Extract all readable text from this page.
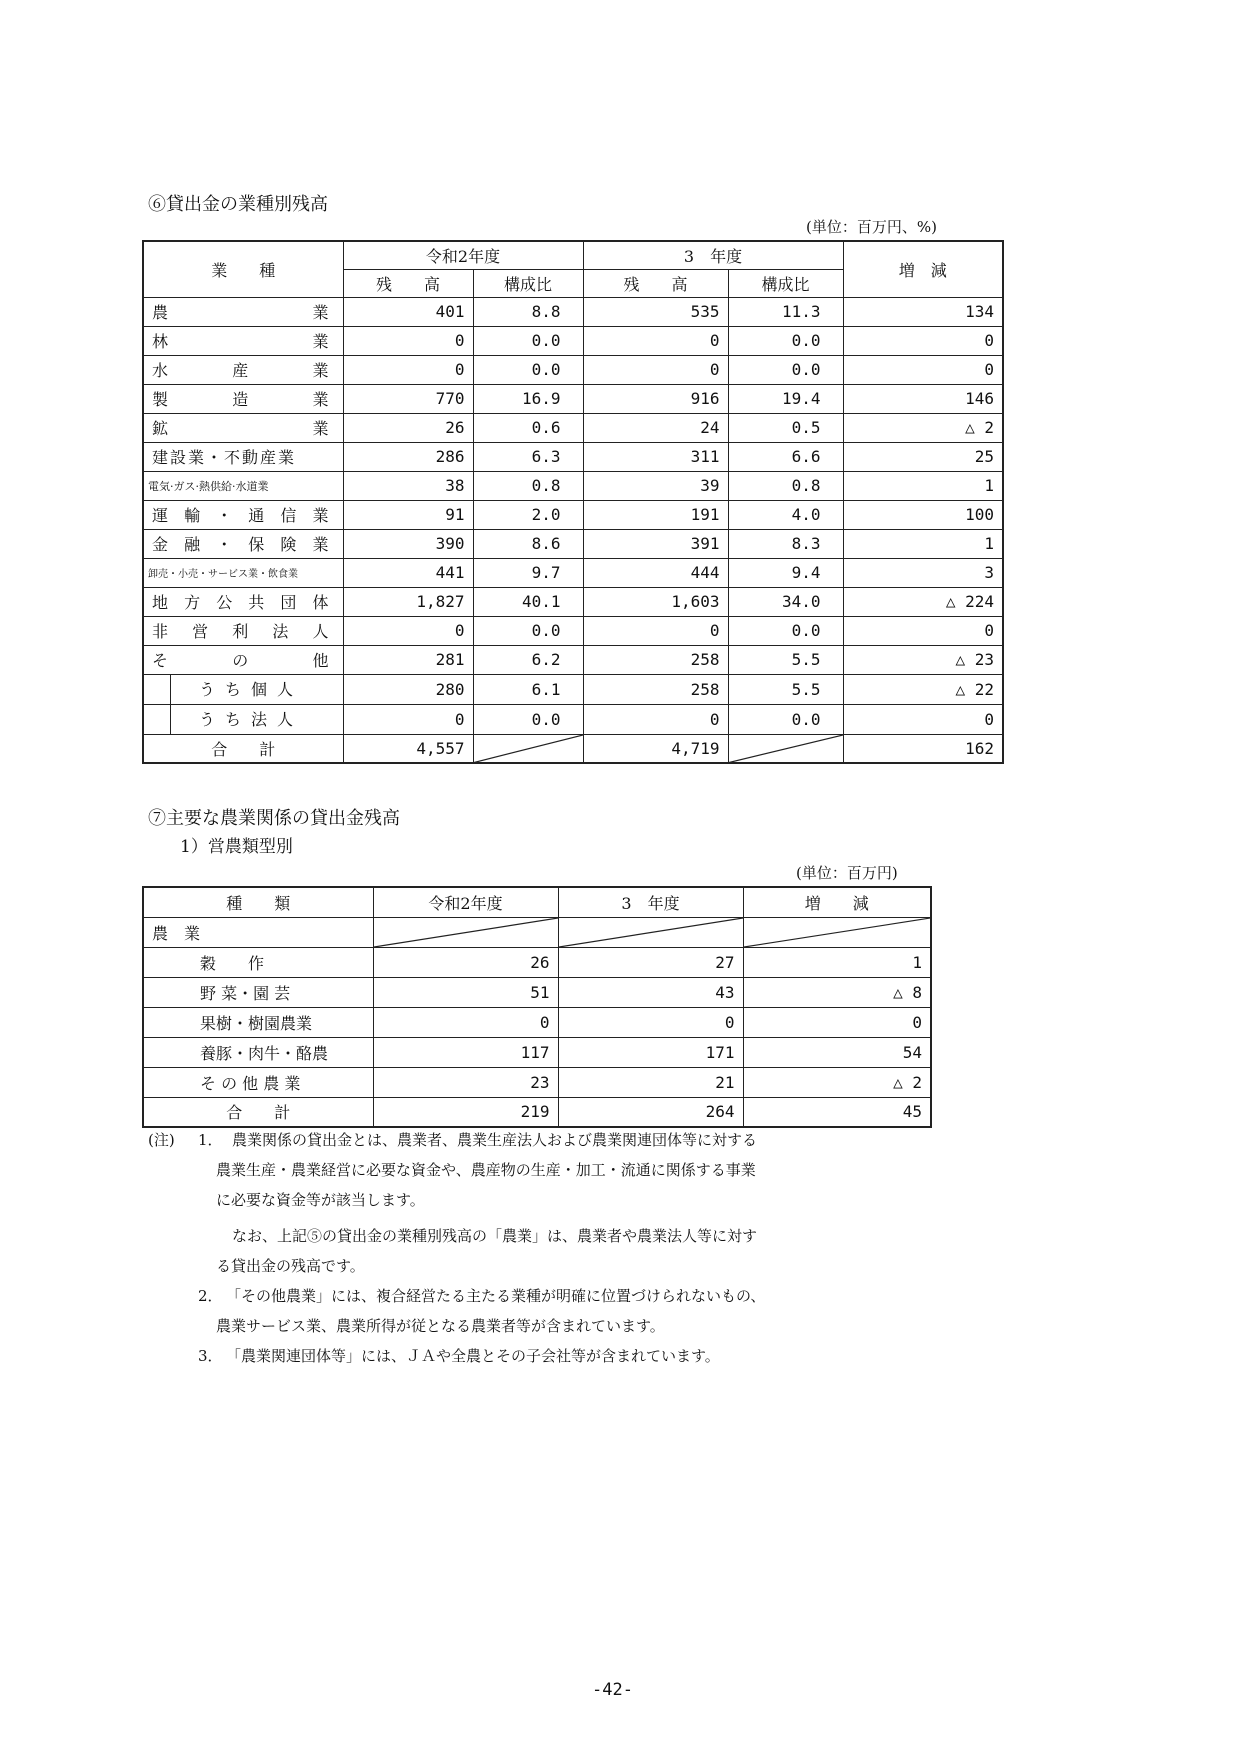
⑥貸出金の業種別残高
(単位：百万円、%)
業　　種	令和2年度		3　年度		増　減
	残　　高	構成比	残　　高	構成比	

農業	401	8.8	535	11.3	134

林業	0	0.0	0	0.0	0

水産業	0	0.0	0	0.0	0

製造業	770	16.9	916	19.4	146

鉱業	26	0.6	24	0.5	△ 2
建設業・不動産業	286	6.3	311	6.6	25
電気·ガス·熱供給·水道業	38	0.8	39	0.8	1

運輸・通信業	91	2.0	191	4.0	100

金融・保険業	390	8.6	391	8.3	1
卸売・小売・サービス業・飲食業	441	9.7	444	9.4	3

地方公共団体	1,827	40.1	1,603	34.0	△ 224

非営利法人	0	0.0	0	0.0	0

その他	281	6.2	258	5.5	△ 23

うち個人	280	6.1	258	5.5	△ 22

うち法人	0	0.0	0	0.0	0
合　　計	4,557		4,719		162
⑦主要な農業関係の貸出金残高
1）営農類型別
(単位：百万円)
種　　類	令和2年度	3　年度	増　　減
農　業	

穀　　作	26	27	1
野 菜・園 芸	51	43	△ 8
果樹・樹園農業	0	0	0
養豚・肉牛・酪農	117	171	54
そ の 他 農 業	23	21	△ 2
合　　計	219	264	45
(注) 1． 農業関係の貸出金とは、農業者、農業生産法人および農業関連団体等に対する
農業生産・農業経営に必要な資金や、農産物の生産・加工・流通に関係する事業
に必要な資金等が該当します。
なお、上記⑤の貸出金の業種別残高の「農業」は、農業者や農業法人等に対す
る貸出金の残高です。
2． 「その他農業」には、複合経営たる主たる業種が明確に位置づけられないもの、
農業サービス業、農業所得が従となる農業者等が含まれています。
3． 「農業関連団体等」には、ＪＡや全農とその子会社等が含まれています。
-42-
